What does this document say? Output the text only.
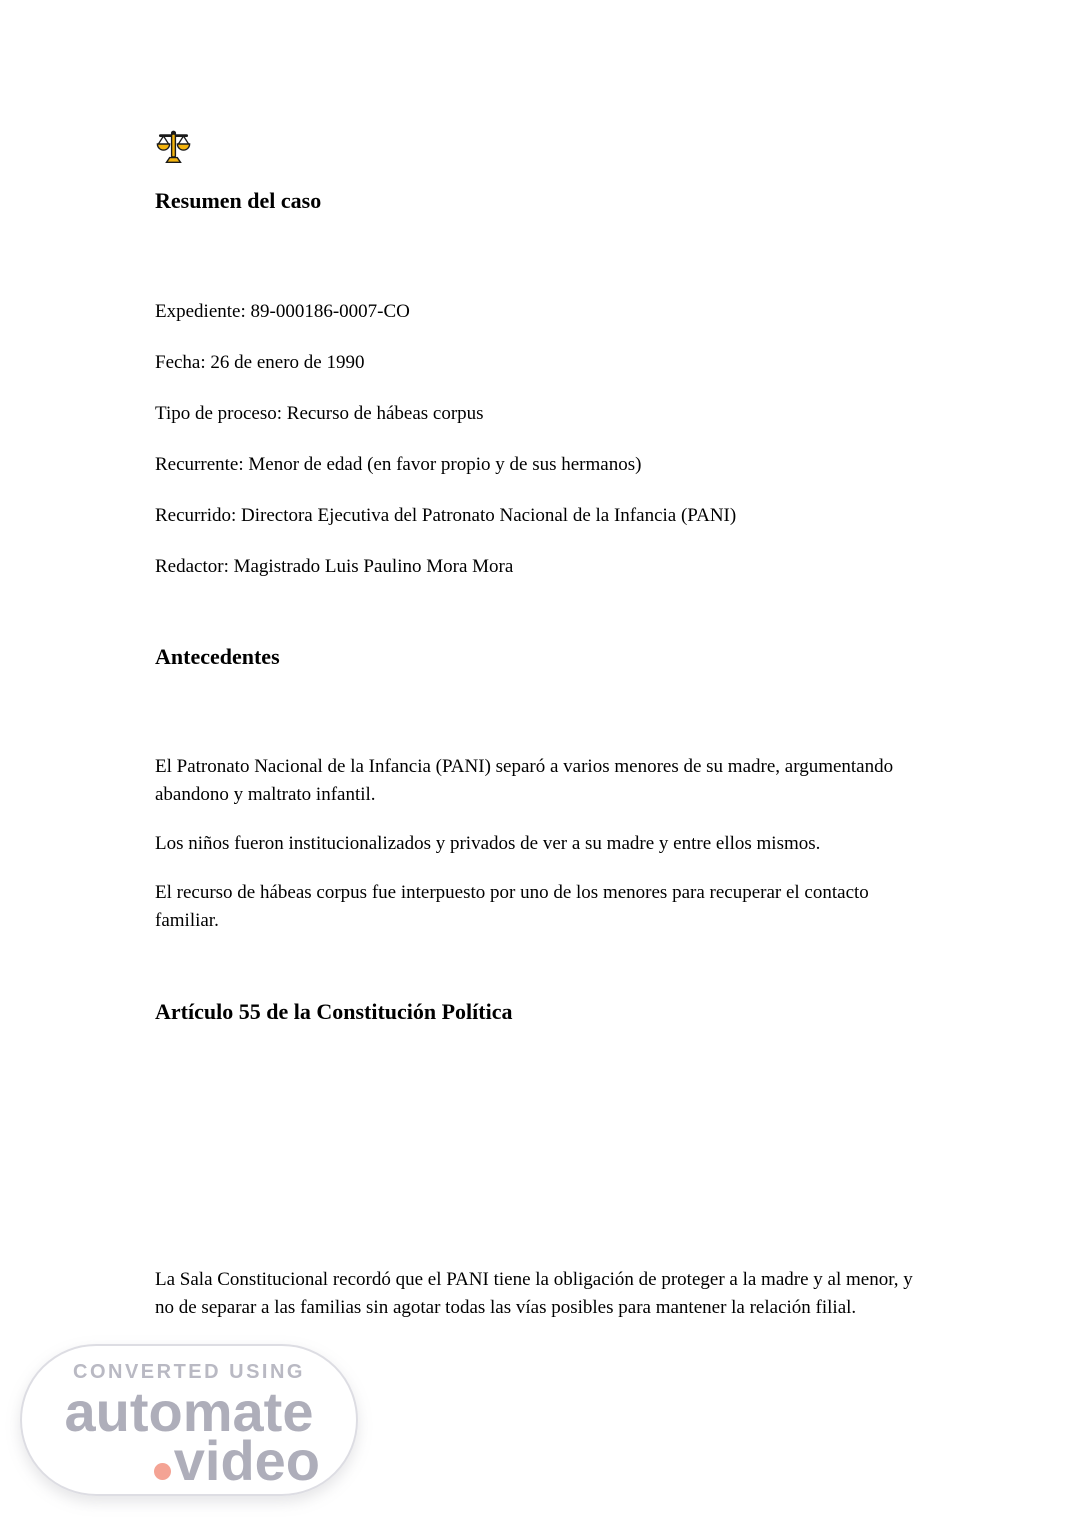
Resumen del caso

Expediente: 89-000186-0007-CO

Fecha: 26 de enero de 1990

Tipo de proceso: Recurso de hábeas corpus

Recurrente: Menor de edad (en favor propio y de sus hermanos)

Recurrido: Directora Ejecutiva del Patronato Nacional de la Infancia (PANI)

Redactor: Magistrado Luis Paulino Mora Mora

Antecedentes

El Patronato Nacional de la Infancia (PANI) separó a varios menores de su madre, argumentando abandono y maltrato infantil.

Los niños fueron institucionalizados y privados de ver a su madre y entre ellos mismos.

El recurso de hábeas corpus fue interpuesto por uno de los menores para recuperar el contacto familiar.

Artículo 55 de la Constitución Política

La Sala Constitucional recordó que el PANI tiene la obligación de proteger a la madre y al menor, y no de separar a las familias sin agotar todas las vías posibles para mantener la relación filial.

CONVERTED USING
automate
video
